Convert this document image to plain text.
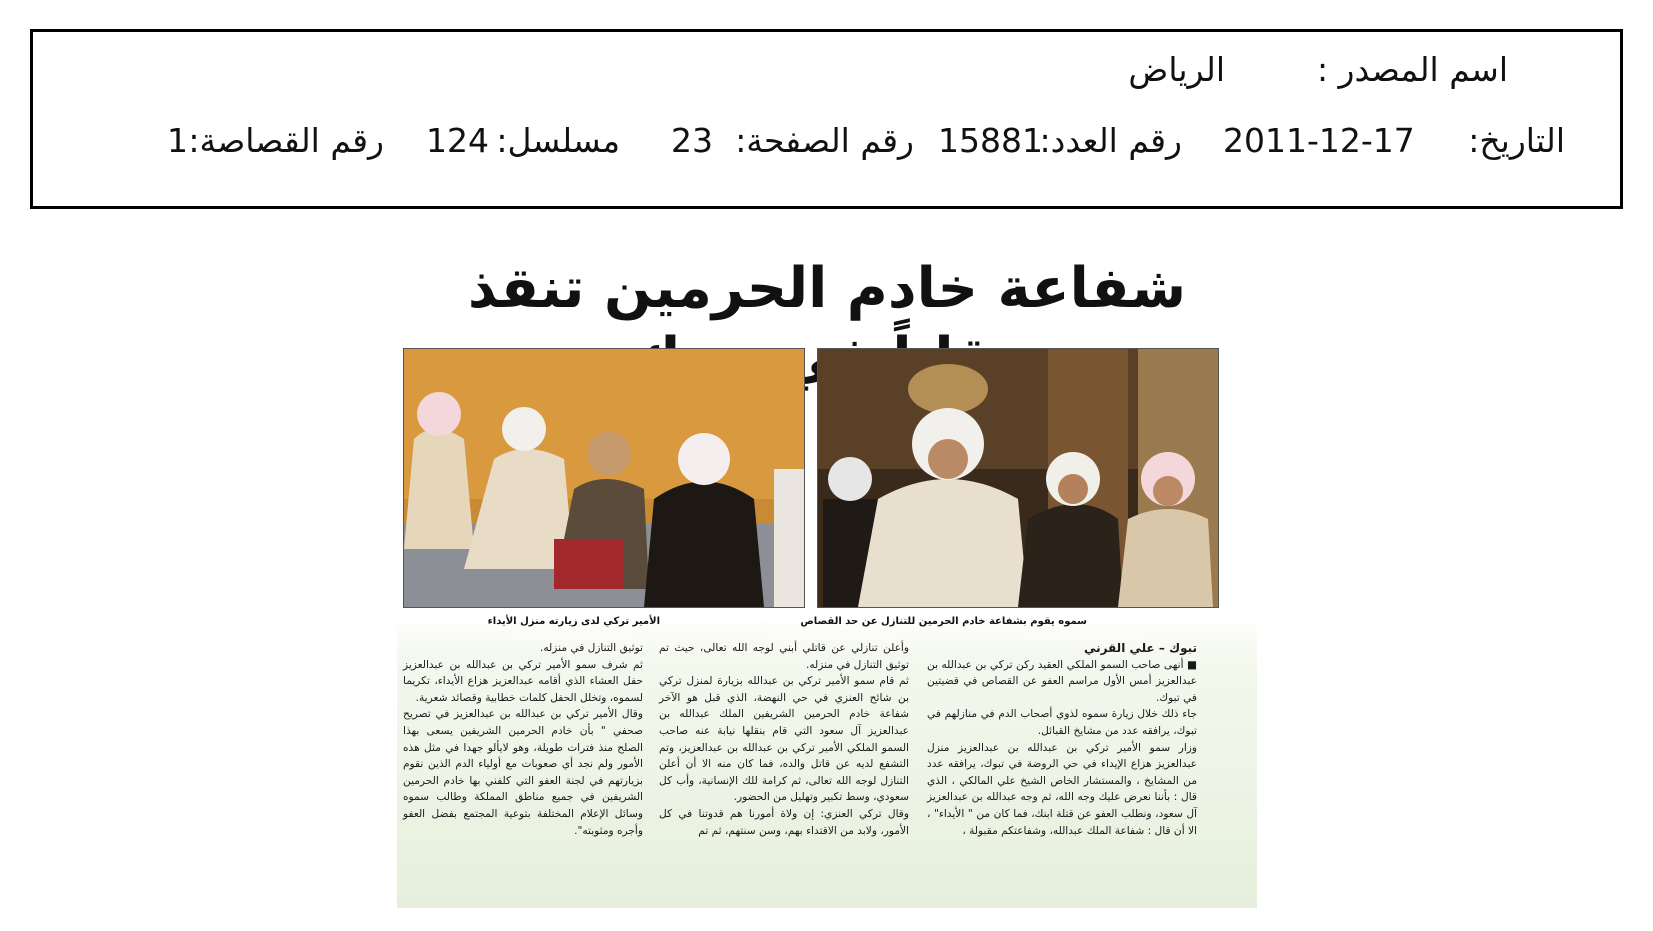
اسم المصدر :
الرياض
التاريخ:
2011-12-17
رقم العدد:
15881
رقم الصفحة:
23
مسلسل:
124
رقم القصاصة:
1
شفاعة خادم الحرمين تنقذ
سموه يقوم بشفاعة خادم الحرمين للتنازل عن حد القصاص
الأمير تركي لدى زيارته منزل الأيداء

تبوك – علي القرني

■ أنهى صاحب السمو الملكي العقيد ركن تركي بن عبدالله بن عبدالعزيز أمس الأول مراسم العفو عن القصاص في قضيتين في تبوك.

جاء ذلك خلال زيارة سموه لذوي أصحاب الدم في منازلهم في تبوك، يرافقه عدد من مشايخ القبائل.

وزار سمو الأمير تركي بن عبدالله بن عبدالعزيز منزل عبدالعزيز هزاع الإيداء في حي الروضة في تبوك، يرافقه عدد من المشايخ ، والمستشار الخاص الشيخ علي المالكي ، الذي قال : بأننا نعرض عليك وجه الله، ثم وجه عبدالله بن عبدالعزيز آل سعود، ونطلب العفو عن قتلة ابنك، فما كان من " الأيداء" ، الا أن قال : شفاعة الملك عبدالله، وشفاعتكم مقبولة ،

وأعلن تنازلي عن قاتلي أبني لوجه الله تعالى، حيث تم توثيق التنازل في منزله.

ثم قام سمو الأمير تركي بن عبدالله بزيارة لمنزل تركي بن شائح العنزي في حي النهضة، الذي قبل هو الآخر شفاعة خادم الحرمين الشريفين الملك عبدالله بن عبدالعزيز آل سعود التي قام بنقلها نيابة عنه صاحب السمو الملكي الأمير تركي بن عبدالله بن عبدالعزيز، وتم التشفع لديه عن قاتل والده، فما كان منه الا أن أعلن التنازل لوجه الله تعالى، ثم كرامة للك الإنسانية، وأب كل سعودي، وسط تكبير وتهليل من الحضور.

وقال تركي العنزي: إن ولاة أمورنا هم قدوتنا في كل الأمور، ولابد من الاقتداء بهم، وسن سنتهم، ثم تم

توثيق التنازل في منزله.

ثم شرف سمو الأمير تركي بن عبدالله بن عبدالعزيز حفل العشاء الذي أقامه عبدالعزيز هزاع الأيداء، تكريما لسموه، وتخلل الحفل كلمات خطابية وقصائد شعرية.

وقال الأمير تركي بن عبدالله بن عبدالعزيز في تصريح صحفي " بأن خادم الحرمين الشريفين يسعى بهذا الصلح منذ فترات طويلة، وهو لايألو جهدا في مثل هذه الأمور ولم نجد أي صعوبات مع أولياء الدم الذين نقوم بزيارتهم في لجنة العفو التي كلفني بها خادم الحرمين الشريفين في جميع مناطق المملكة وطالب سموه وسائل الإعلام المختلفة بتوعية المجتمع بفضل العفو وأجره ومثوبته".
